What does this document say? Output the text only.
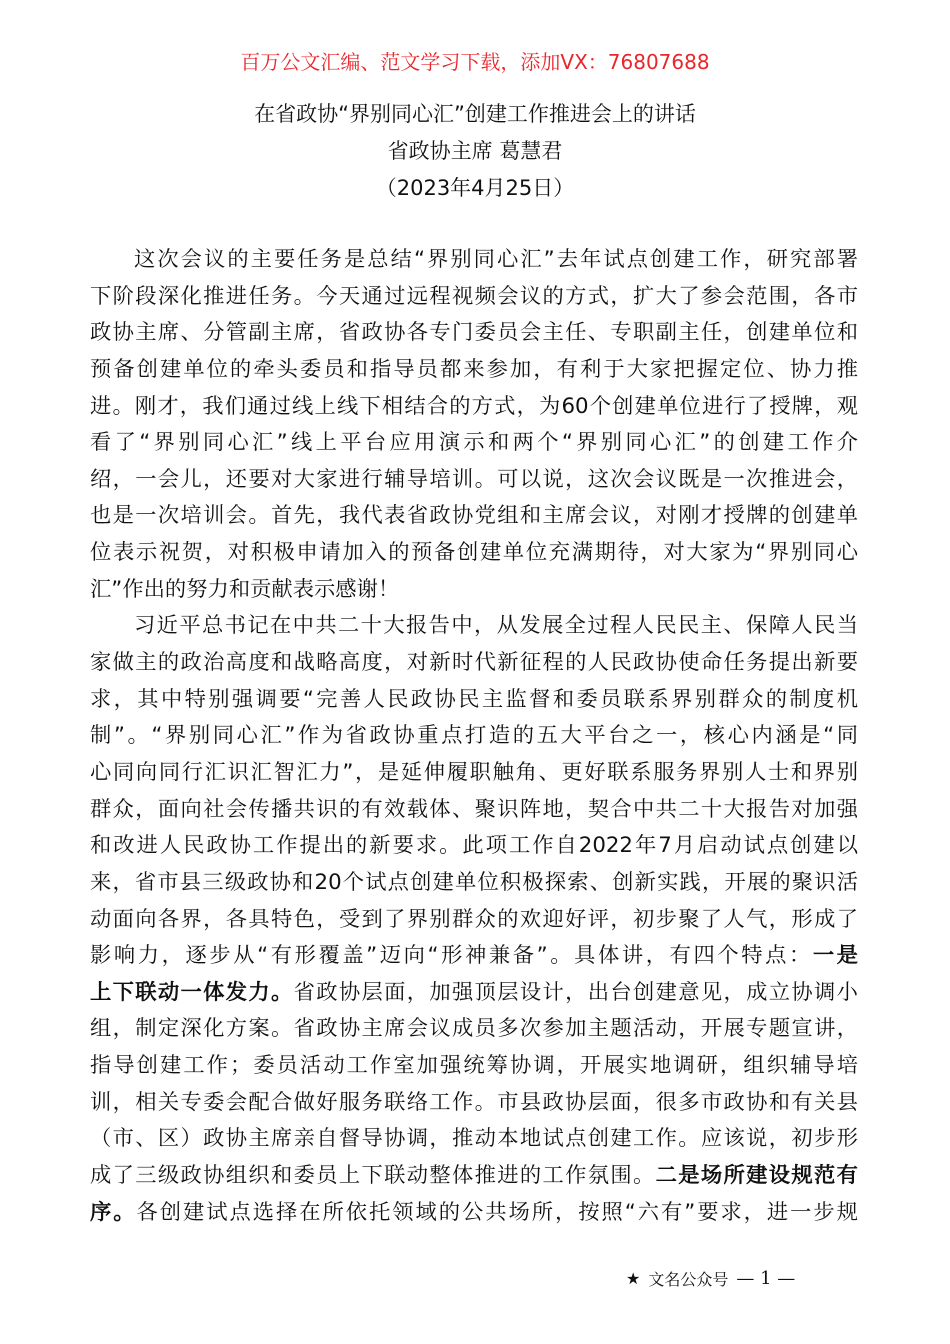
百万公文汇编、范文学习下载，添加VX：76807688
在省政协“界别同心汇”创建工作推进会上的讲话
省政协主席 葛慧君
（2023年4月25日）
这次会议的主要任务是总结“界别同心汇”去年试点创建工作，研究部署
下阶段深化推进任务。今天通过远程视频会议的方式，扩大了参会范围，各市
政协主席、分管副主席，省政协各专门委员会主任、专职副主任，创建单位和
预备创建单位的牵头委员和指导员都来参加，有利于大家把握定位、协力推
进。刚才，我们通过线上线下相结合的方式，为60个创建单位进行了授牌，观
看了“界别同心汇”线上平台应用演示和两个“界别同心汇”的创建工作介
绍，一会儿，还要对大家进行辅导培训。可以说，这次会议既是一次推进会，
也是一次培训会。首先，我代表省政协党组和主席会议，对刚才授牌的创建单
位表示祝贺，对积极申请加入的预备创建单位充满期待，对大家为“界别同心
汇”作出的努力和贡献表示感谢！
习近平总书记在中共二十大报告中，从发展全过程人民民主、保障人民当
家做主的政治高度和战略高度，对新时代新征程的人民政协使命任务提出新要
求，其中特别强调要“完善人民政协民主监督和委员联系界别群众的制度机
制”。“界别同心汇”作为省政协重点打造的五大平台之一，核心内涵是“同
心同向同行汇识汇智汇力”，是延伸履职触角、更好联系服务界别人士和界别
群众，面向社会传播共识的有效载体、聚识阵地，契合中共二十大报告对加强
和改进人民政协工作提出的新要求。此项工作自2022年7月启动试点创建以
来，省市县三级政协和20个试点创建单位积极探索、创新实践，开展的聚识活
动面向各界，各具特色，受到了界别群众的欢迎好评，初步聚了人气，形成了
影响力，逐步从“有形覆盖”迈向“形神兼备”。具体讲，有四个特点：一是
上下联动一体发力。省政协层面，加强顶层设计，出台创建意见，成立协调小
组，制定深化方案。省政协主席会议成员多次参加主题活动，开展专题宣讲，
指导创建工作；委员活动工作室加强统筹协调，开展实地调研，组织辅导培
训，相关专委会配合做好服务联络工作。市县政协层面，很多市政协和有关县
（市、区）政协主席亲自督导协调，推动本地试点创建工作。应该说，初步形
成了三级政协组织和委员上下联动整体推进的工作氛围。二是场所建设规范有
序。各创建试点选择在所依托领域的公共场所，按照“六有”要求，进一步规
★ 文名公众号 — 1 —
